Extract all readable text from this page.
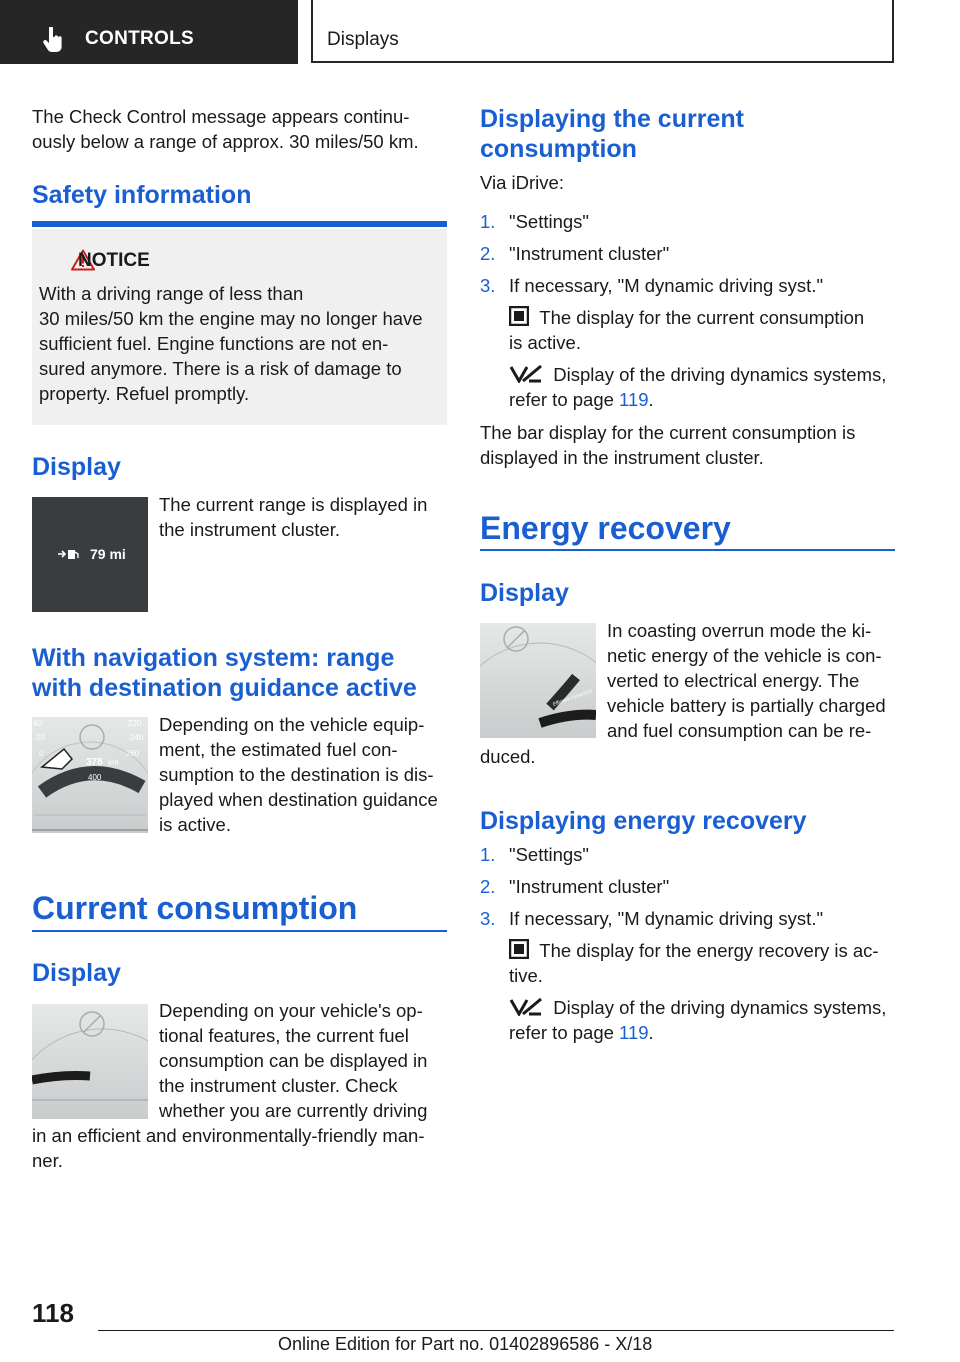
CONTROLS	Displays

The Check Control message appears continu-

ously below a range of approx. 30 miles/50 km.

Safety information
NOTICE

With a driving range of less than

30 miles/50 km the engine may no longer have

sufficient fuel. Engine functions are not en-

sured anymore. There is a risk of damage to

property. Refuel promptly.

Display
79 mi

The current range is displayed in

the instrument cluster.

With navigation system: range
with destination guidance active
378 km
40
20
0
220
240
260
400

Depending on the vehicle equip-

ment, the estimated fuel con-

sumption to the destination is dis-

played when destination guidance

is active.

Current consumption
Display

Depending on your vehicle's op-

tional features, the current fuel

consumption can be displayed in

the instrument cluster. Check

whether you are currently driving

in an efficient and environmentally-friendly man-

ner.

Displaying the current
consumption

Via iDrive:

1. "Settings"
2. "Instrument cluster"
3. If necessary, "M dynamic driving syst."

The display for the current consumption

is active.

Display of the driving dynamics systems,

refer to page 119.

The bar display for the current consumption is

displayed in the instrument cluster.

Energy recovery
Display
Efficient Dynamics

In coasting overrun mode the ki-

netic energy of the vehicle is con-

verted to electrical energy. The

vehicle battery is partially charged

and fuel consumption can be re-

duced.

Displaying energy recovery
1. "Settings"
2. "Instrument cluster"
3. If necessary, "M dynamic driving syst."

The display for the energy recovery is ac-

tive.

Display of the driving dynamics systems,

refer to page 119.

118
Online Edition for Part no. 01402896586 - X/18
